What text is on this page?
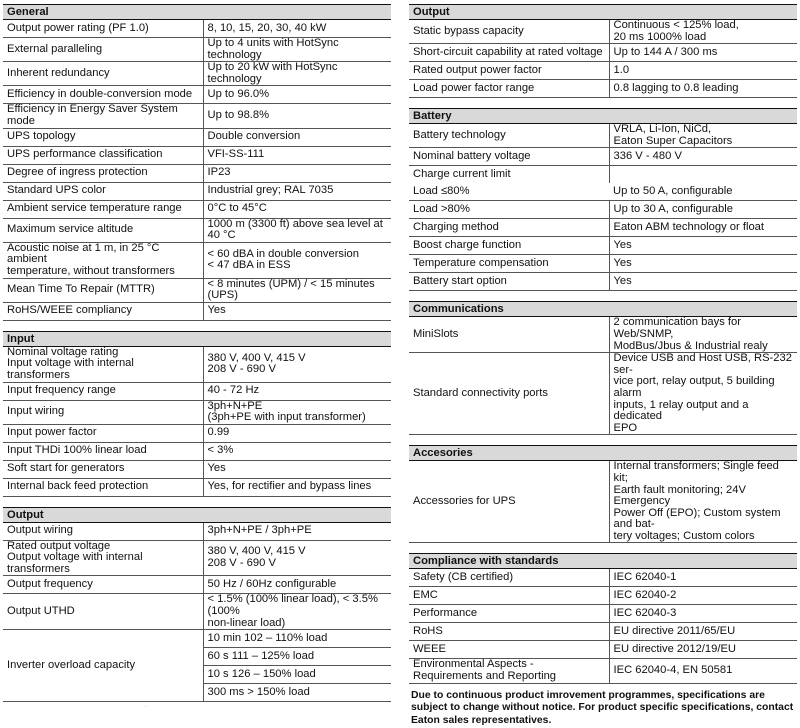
General
Output power rating (PF 1.0)	8, 10, 15, 20, 30, 40 kW
External paralleling	Up to 4 units with HotSync technology
Inherent redundancy	Up to 20 kW with HotSync technology
Efficiency in double-conversion mode	Up to 96.0%
Efficiency in Energy Saver System mode	Up to 98.8%
UPS topology	Double conversion
UPS performance classification	VFI-SS-111
Degree of ingress protection	IP23
Standard UPS color	Industrial grey; RAL 7035
Ambient service temperature range	0°C to 45°C
Maximum service altitude	1000 m (3300 ft) above sea level at 40 °C
Acoustic noise at 1 m, in 25 °C ambient
temperature, without transformers	< 60 dBA in double conversion
< 47 dBA in ESS
Mean Time To Repair (MTTR)	< 8 minutes (UPM) / < 15 minutes (UPS)
RoHS/WEEE compliancy	Yes
Input
Nominal voltage rating
Input voltage with internal transformers	380 V, 400 V, 415 V
208 V - 690 V
Input frequency range	40 - 72 Hz
Input wiring	3ph+N+PE
(3ph+PE with input transformer)
Input power factor	0.99
Input THDi 100% linear load	< 3%
Soft start for generators	Yes
Internal back feed protection	Yes, for rectifier and bypass lines
Output
Output wiring	3ph+N+PE / 3ph+PE
Rated output voltage
Output voltage with internal transformers	380 V, 400 V, 415 V
208 V - 690 V
Output frequency	50 Hz / 60Hz configurable
Output UTHD	< 1.5% (100% linear load), < 3.5% (100%
non-linear load)
Inverter overload capacity	10 min 102 – 110% load
	60 s 111 – 125% load
	10 s 126 – 150% load
	300 ms > 150% load
Output
Static bypass capacity	Continuous < 125% load,
20 ms 1000% load
Short-circuit capability at rated voltage	Up to 144 A / 300 ms
Rated output power factor	1.0
Load power factor range	0.8 lagging to 0.8 leading
Battery
Battery technology	VRLA, Li-Ion, NiCd,
Eaton Super Capacitors
Nominal battery voltage	336 V - 480 V
Charge current limit	
Load ≤80%	Up to 50 A, configurable
Load >80%	Up to 30 A, configurable
Charging method	Eaton ABM technology or float
Boost charge function	Yes
Temperature compensation	Yes
Battery start option	Yes
Communications
MiniSlots	2 communication bays for Web/SNMP,
ModBus/Jbus & Industrial realy
Standard connectivity ports	Device USB and Host USB, RS-232 ser-
vice port, relay output, 5 building alarm
inputs, 1 relay output and a dedicated
EPO
Accesories
Accessories for UPS	Internal transformers; Single feed kit;
Earth fault monitoring; 24V Emergency
Power Off (EPO); Custom system and bat-
tery voltages; Custom colors
Compliance with standards
Safety (CB certified)	IEC 62040-1
EMC	IEC 62040-2
Performance	IEC 62040-3
RoHS	EU directive 2011/65/EU
WEEE	EU directive 2012/19/EU
Environmental Aspects -
Requirements and Reporting	IEC 62040-4, EN 50581
Due to continuous product imrovement programmes, specifications are subject to change without notice. For product specific specifications, contact Eaton sales representatives.
.
